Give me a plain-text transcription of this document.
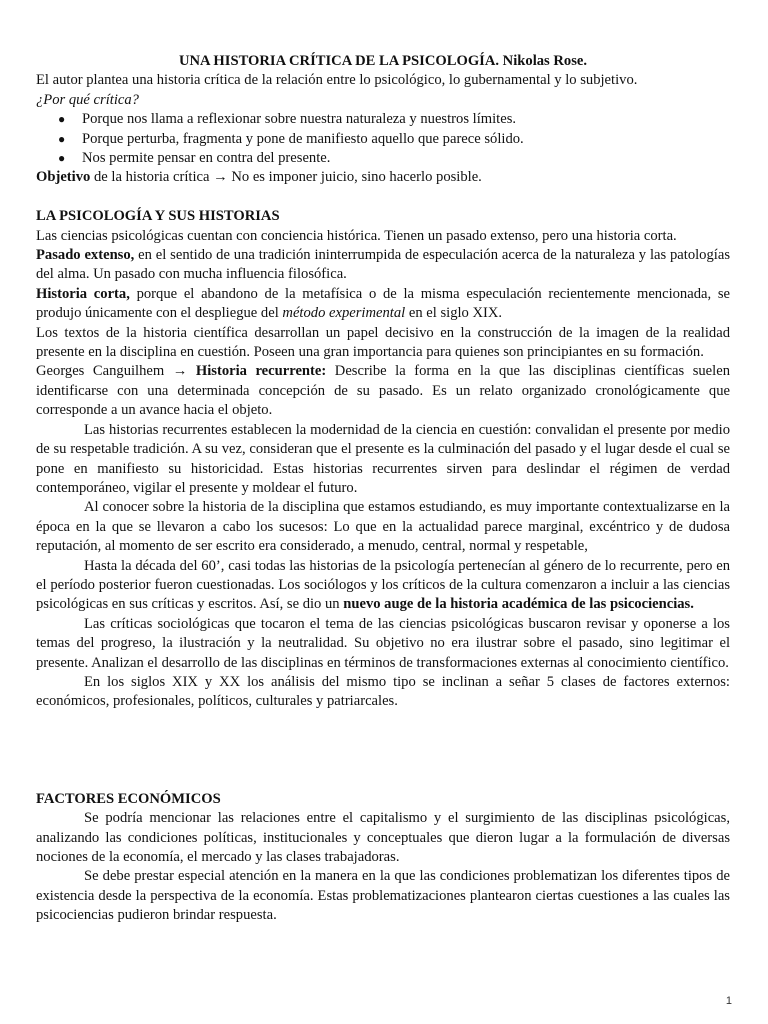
UNA HISTORIA CRÍTICA DE LA PSICOLOGÍA. Nikolas Rose.

El autor plantea una historia crítica de la relación entre lo psicológico, lo gubernamental y lo subjetivo.

¿Por qué crítica?

● Porque nos llama a reflexionar sobre nuestra naturaleza y nuestros límites.
● Porque perturba, fragmenta y pone de manifiesto aquello que parece sólido.
● Nos permite pensar en contra del presente.

Objetivo de la historia crítica → No es imponer juicio, sino hacerlo posible.

LA PSICOLOGÍA Y SUS HISTORIAS

Las ciencias psicológicas cuentan con conciencia histórica. Tienen un pasado extenso, pero una historia corta.

Pasado extenso, en el sentido de una tradición ininterrumpida de especulación acerca de la naturaleza y las patologías del alma. Un pasado con mucha influencia filosófica.

Historia corta, porque el abandono de la metafísica o de la misma especulación recientemente mencionada, se produjo únicamente con el despliegue del método experimental en el siglo XIX.

Los textos de la historia científica desarrollan un papel decisivo en la construcción de la imagen de la realidad presente en la disciplina en cuestión. Poseen una gran importancia para quienes son principiantes en su formación.

Georges Canguilhem → Historia recurrente: Describe la forma en la que las disciplinas científicas suelen identificarse con una determinada concepción de su pasado. Es un relato organizado cronológicamente que corresponde a un avance hacia el objeto.

Las historias recurrentes establecen la modernidad de la ciencia en cuestión: convalidan el presente por medio de su respetable tradición. A su vez, consideran que el presente es la culminación del pasado y el lugar desde el cual se pone en manifiesto su historicidad. Estas historias recurrentes sirven para deslindar el régimen de verdad contemporáneo, vigilar el presente y moldear el futuro.

Al conocer sobre la historia de la disciplina que estamos estudiando, es muy importante contextualizarse en la época en la que se llevaron a cabo los sucesos: Lo que en la actualidad parece marginal, excéntrico y de dudosa reputación, al momento de ser escrito era considerado, a menudo, central, normal y respetable,

Hasta la década del 60’, casi todas las historias de la psicología pertenecían al género de lo recurrente, pero en el período posterior fueron cuestionadas. Los sociólogos y los críticos de la cultura comenzaron a incluir a las ciencias psicológicas en sus críticas y escritos. Así, se dio un nuevo auge de la historia académica de las psicociencias.

Las críticas sociológicas que tocaron el tema de las ciencias psicológicas buscaron revisar y oponerse a los temas del progreso, la ilustración y la neutralidad. Su objetivo no era ilustrar sobre el pasado, sino legitimar el presente. Analizan el desarrollo de las disciplinas en términos de transformaciones externas al conocimiento científico.

En los siglos XIX y XX los análisis del mismo tipo se inclinan a señar 5 clases de factores externos: económicos, profesionales, políticos, culturales y patriarcales.

FACTORES ECONÓMICOS

Se podría mencionar las relaciones entre el capitalismo y el surgimiento de las disciplinas psicológicas, analizando las condiciones políticas, institucionales y conceptuales que dieron lugar a la formulación de diversas nociones de la economía, el mercado y las clases trabajadoras.

Se debe prestar especial atención en la manera en la que las condiciones problematizan los diferentes tipos de existencia desde la perspectiva de la economía. Estas problematizaciones plantearon ciertas cuestiones a las cuales las psicociencias pudieron brindar respuesta.

1
